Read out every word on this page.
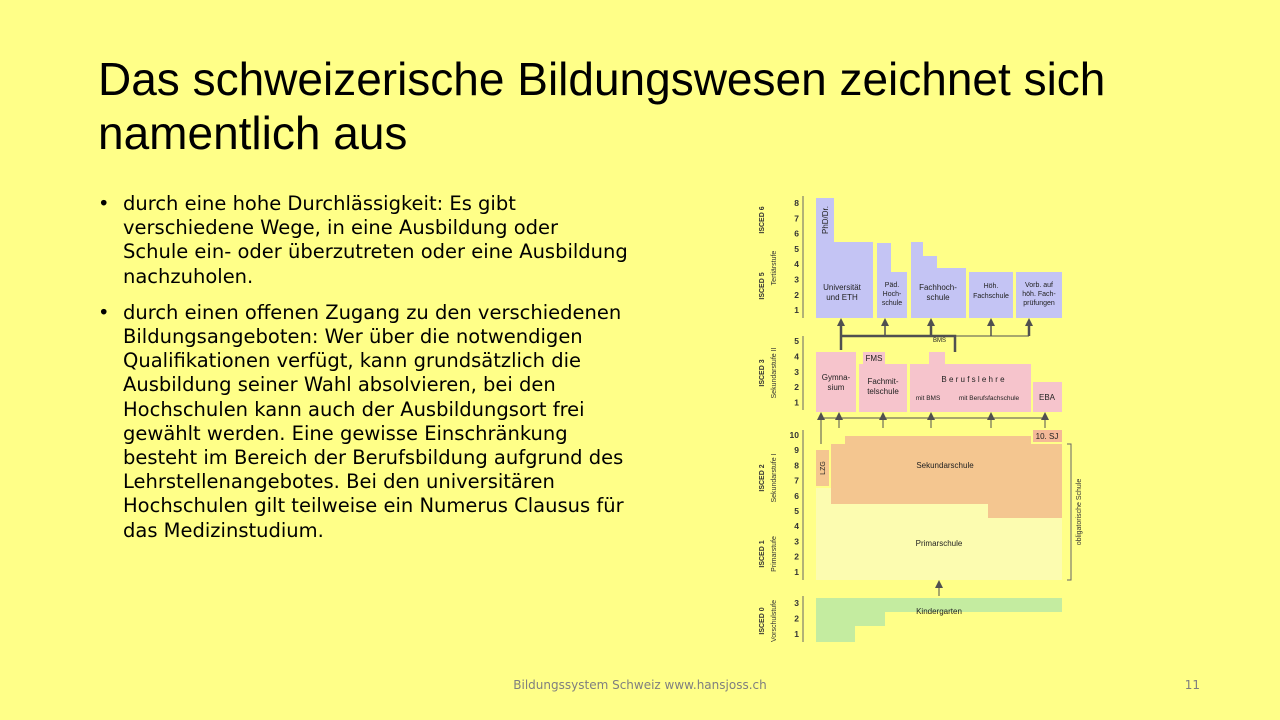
Das schweizerische Bildungswesen zeichnet sich namentlich aus
• durch eine hohe Durchlässigkeit: Es gibt verschiedene Wege, in eine Ausbildung oder Schule ein- oder überzutreten oder eine Ausbildung nachzuholen.
• durch einen offenen Zugang zu den verschiedenen Bildungsangeboten: Wer über die notwendigen Qualifikationen verfügt, kann grundsätzlich die Ausbildung seiner Wahl absolvieren, bei den Hochschulen kann auch der Ausbildungsort frei gewählt werden. Eine gewisse Einschränkung besteht im Bereich der Berufsbildung aufgrund des Lehrstellenangebotes. Bei den universitären Hochschulen gilt teilweise ein Numerus Clausus für das Medizinstudium.
ISCED 6
ISCED 5
Tertiärstufe
ISCED 3 Sekundarstufe II
ISCED 2 Sekundarstufe I
ISCED 1 Primarstufe
ISCED 0 Vorschulstufe
8
7
6
5
4
3
2
1
5
4
3
2
1
10
9
8
7
6
5
4
3
2
1
3
2
1
PhD/Dr.
Universität und ETH
Päd. Hoch-schule
Fachhoch-schule
Höh. Fachschule
Vorb. auf höh. Fach-prüfungen
BMS
Gymna-sium
FMS
Fachmit-telschule
B e r u f s l e h r e
mit BMS	mit Berufsfachschule EBA
10. SJ
Sekundarschule
LZG
Primarschule	obligatorische Schule
Kindergarten
Bildungssystem Schweiz www.hansjoss.ch	11
